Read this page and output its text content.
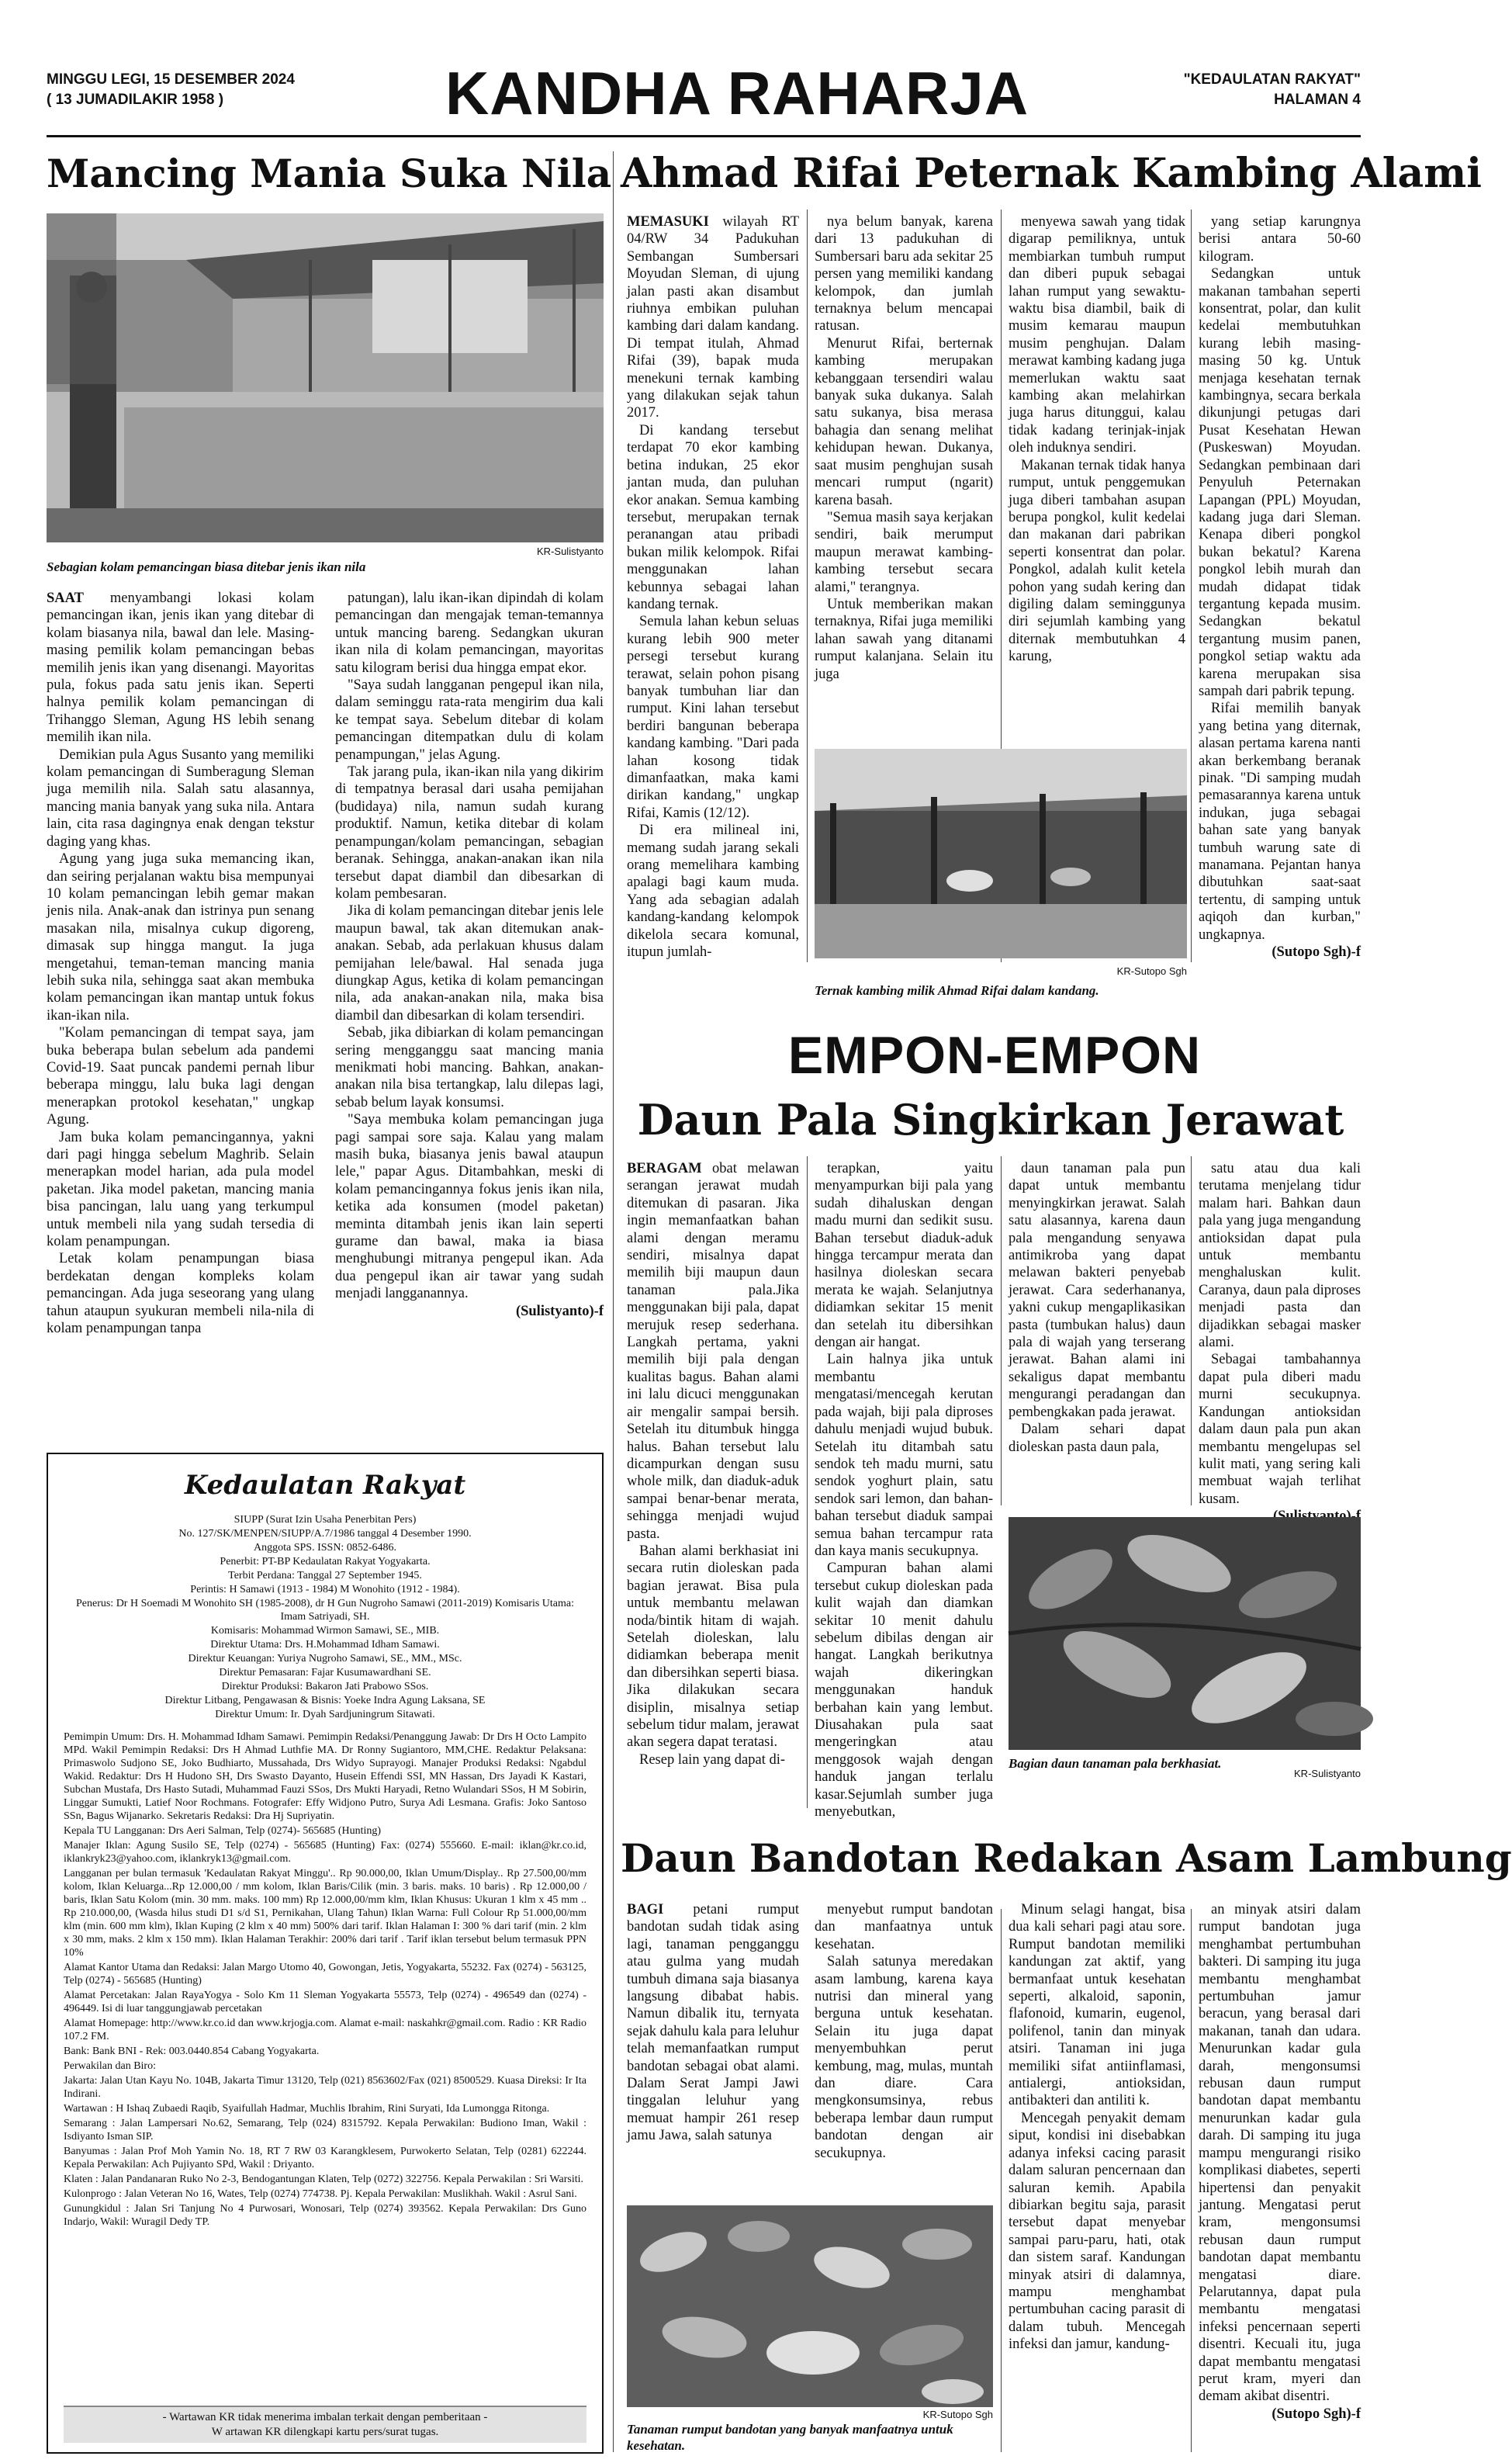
MINGGU LEGI, 15 DESEMBER 2024
( 13 JUMADILAKIR 1958 )	KANDHA RAHARJA	"KEDAULATAN RAKYAT"
HALAMAN 4
Mancing Mania Suka Nila
KR-Sulistyanto
Sebagian kolam pemancingan biasa ditebar jenis ikan nila

SAAT menyambangi lokasi kolam pemancingan ikan, jenis ikan yang ditebar di kolam biasanya nila, bawal dan lele. Masing-masing pemilik kolam pemancingan bebas memilih jenis ikan yang disenangi. Mayoritas pula, fokus pada satu jenis ikan. Seperti halnya pemilik kolam pemancingan di Trihanggo Sleman, Agung HS lebih senang memilih ikan nila.

Demikian pula Agus Susanto yang memiliki kolam pemancingan di Sumberagung Sleman juga memilih nila. Salah satu alasannya, mancing mania banyak yang suka nila. Antara lain, cita rasa dagingnya enak dengan tekstur daging yang khas.

Agung yang juga suka memancing ikan, dan seiring perjalanan waktu bisa mempunyai 10 kolam pemancingan lebih gemar makan jenis nila. Anak-anak dan istrinya pun senang masakan nila, misalnya cukup digoreng, dimasak sup hingga mangut. Ia juga mengetahui, teman-teman mancing mania lebih suka nila, sehingga saat akan membuka kolam pemancingan ikan mantap untuk fokus ikan-ikan nila.

"Kolam pemancingan di tempat saya, jam buka beberapa bulan sebelum ada pandemi Covid-19. Saat puncak pandemi pernah libur beberapa minggu, lalu buka lagi dengan menerapkan protokol kesehatan," ungkap Agung.

Jam buka kolam pemancingannya, yakni dari pagi hingga sebelum Maghrib. Selain menerapkan model harian, ada pula model paketan. Jika model paketan, mancing mania bisa pancingan, lalu uang yang terkumpul untuk membeli nila yang sudah tersedia di kolam penampungan.

Letak kolam penampungan biasa berdekatan dengan kompleks kolam pemancingan. Ada juga seseorang yang ulang tahun ataupun syukuran membeli nila-nila di kolam penampungan tanpa

patungan), lalu ikan-ikan dipindah di kolam pemancingan dan mengajak teman-temannya untuk mancing bareng. Sedangkan ukuran ikan nila di kolam pemancingan, mayoritas satu kilogram berisi dua hingga empat ekor.

"Saya sudah langganan pengepul ikan nila, dalam seminggu rata-rata mengirim dua kali ke tempat saya. Sebelum ditebar di kolam pemancingan ditempatkan dulu di kolam penampungan," jelas Agung.

Tak jarang pula, ikan-ikan nila yang dikirim di tempatnya berasal dari usaha pemijahan (budidaya) nila, namun sudah kurang produktif. Namun, ketika ditebar di kolam penampungan/kolam pemancingan, sebagian beranak. Sehingga, anakan-anakan ikan nila tersebut dapat diambil dan dibesarkan di kolam pembesaran.

Jika di kolam pemancingan ditebar jenis lele maupun bawal, tak akan ditemukan anak-anakan. Sebab, ada perlakuan khusus dalam pemijahan lele/bawal. Hal senada juga diungkap Agus, ketika di kolam pemancingan nila, ada anakan-anakan nila, maka bisa diambil dan dibesarkan di kolam tersendiri.

Sebab, jika dibiarkan di kolam pemancingan sering mengganggu saat mancing mania menikmati hobi mancing. Bahkan, anakan-anakan nila bisa tertangkap, lalu dilepas lagi, sebab belum layak konsumsi.

"Saya membuka kolam pemancingan juga pagi sampai sore saja. Kalau yang malam masih buka, biasanya jenis bawal ataupun lele," papar Agus. Ditambahkan, meski di kolam pemancingannya fokus jenis ikan nila, ketika ada konsumen (model paketan) meminta ditambah jenis ikan lain seperti gurame dan bawal, maka ia biasa menghubungi mitranya pengepul ikan. Ada dua pengepul ikan air tawar yang sudah menjadi langganannya.

(Sulistyanto)-f
Ahmad Rifai Peternak Kambing Alami

MEMASUKI wilayah RT 04/RW 34 Padukuhan Sembangan Sumbersari Moyudan Sleman, di ujung jalan pasti akan disambut riuhnya embikan puluhan kambing dari dalam kandang. Di tempat itulah, Ahmad Rifai (39), bapak muda menekuni ternak kambing yang dilakukan sejak tahun 2017.

Di kandang tersebut terdapat 70 ekor kambing betina indukan, 25 ekor jantan muda, dan puluhan ekor anakan. Semua kambing tersebut, merupakan ternak peranangan atau pribadi bukan milik kelompok. Rifai menggunakan lahan kebunnya sebagai lahan kandang ternak.

Semula lahan kebun seluas kurang lebih 900 meter persegi tersebut kurang terawat, selain pohon pisang banyak tumbuhan liar dan rumput. Kini lahan tersebut berdiri bangunan beberapa kandang kambing. "Dari pada lahan kosong tidak dimanfaatkan, maka kami dirikan kandang," ungkap Rifai, Kamis (12/12).

Di era milineal ini, memang sudah jarang sekali orang memelihara kambing apalagi bagi kaum muda. Yang ada sebagian adalah kandang-kandang kelompok dikelola secara komunal, itupun jumlah-

nya belum banyak, karena dari 13 padukuhan di Sumbersari baru ada sekitar 25 persen yang memiliki kandang kelompok, dan jumlah ternaknya belum mencapai ratusan.

Menurut Rifai, berternak kambing merupakan kebanggaan tersendiri walau banyak suka dukanya. Salah satu sukanya, bisa merasa bahagia dan senang melihat kehidupan hewan. Dukanya, saat musim penghujan susah mencari rumput (ngarit) karena basah.

"Semua masih saya kerjakan sendiri, baik merumput maupun merawat kambing-kambing tersebut secara alami," terangnya.

Untuk memberikan makan ternaknya, Rifai juga memiliki lahan sawah yang ditanami rumput kalanjana. Selain itu juga

KR-Sutopo Sgh
Ternak kambing milik Ahmad Rifai dalam kandang.

menyewa sawah yang tidak digarap pemiliknya, untuk membiarkan tumbuh rumput dan diberi pupuk sebagai lahan rumput yang sewaktu-waktu bisa diambil, baik di musim kemarau maupun musim penghujan. Dalam merawat kambing kadang juga memerlukan waktu saat kambing akan melahirkan juga harus ditunggui, kalau tidak kadang terinjak-injak oleh induknya sendiri.

Makanan ternak tidak hanya rumput, untuk penggemukan juga diberi tambahan asupan berupa pongkol, kulit kedelai dan makanan dari pabrikan seperti konsentrat dan polar. Pongkol, adalah kulit ketela pohon yang sudah kering dan digiling dalam seminggunya diri sejumlah kambing yang diternak membutuhkan 4 karung,

yang setiap karungnya berisi antara 50-60 kilogram.

Sedangkan untuk makanan tambahan seperti konsentrat, polar, dan kulit kedelai membutuhkan kurang lebih masing-masing 50 kg. Untuk menjaga kesehatan ternak kambingnya, secara berkala dikunjungi petugas dari Pusat Kesehatan Hewan (Puskeswan) Moyudan. Sedangkan pembinaan dari Penyuluh Peternakan Lapangan (PPL) Moyudan, kadang juga dari Sleman. Kenapa diberi pongkol bukan bekatul? Karena pongkol lebih murah dan mudah didapat tidak tergantung kepada musim. Sedangkan bekatul tergantung musim panen, pongkol setiap waktu ada karena merupakan sisa sampah dari pabrik tepung.

Rifai memilih banyak yang betina yang diternak, alasan pertama karena nanti akan berkembang beranak pinak. "Di samping mudah pemasarannya karena untuk indukan, juga sebagai bahan sate yang banyak tumbuh warung sate di manamana. Pejantan hanya dibutuhkan saat-saat tertentu, di samping untuk aqiqoh dan kurban," ungkapnya.

(Sutopo Sgh)-f
EMPON-EMPON
Daun Pala Singkirkan Jerawat

BERAGAM obat melawan serangan jerawat mudah ditemukan di pasaran. Jika ingin memanfaatkan bahan alami dengan meramu sendiri, misalnya dapat memilih biji maupun daun tanaman pala.Jika menggunakan biji pala, dapat merujuk resep sederhana. Langkah pertama, yakni memilih biji pala dengan kualitas bagus. Bahan alami ini lalu dicuci menggunakan air mengalir sampai bersih. Setelah itu ditumbuk hingga halus. Bahan tersebut lalu dicampurkan dengan susu whole milk, dan diaduk-aduk sampai benar-benar merata, sehingga menjadi wujud pasta.

Bahan alami berkhasiat ini secara rutin dioleskan pada bagian jerawat. Bisa pula untuk membantu melawan noda/bintik hitam di wajah. Setelah dioleskan, lalu didiamkan beberapa menit dan dibersihkan seperti biasa. Jika dilakukan secara disiplin, misalnya setiap sebelum tidur malam, jerawat akan segera dapat teratasi.

Resep lain yang dapat di-

terapkan, yaitu menyampurkan biji pala yang sudah dihaluskan dengan madu murni dan sedikit susu. Bahan tersebut diaduk-aduk hingga tercampur merata dan hasilnya dioleskan secara merata ke wajah. Selanjutnya didiamkan sekitar 15 menit dan setelah itu dibersihkan dengan air hangat.

Lain halnya jika untuk membantu mengatasi/mencegah kerutan pada wajah, biji pala diproses dahulu menjadi wujud bubuk. Setelah itu ditambah satu sendok teh madu murni, satu sendok yoghurt plain, satu sendok sari lemon, dan bahan-bahan tersebut diaduk sampai semua bahan tercampur rata dan kaya manis secukupnya.

Campuran bahan alami tersebut cukup dioleskan pada kulit wajah dan diamkan sekitar 10 menit dahulu sebelum dibilas dengan air hangat. Langkah berikutnya wajah dikeringkan menggunakan handuk berbahan kain yang lembut. Diusahakan pula saat mengeringkan atau menggosok wajah dengan handuk jangan terlalu kasar.Sejumlah sumber juga menyebutkan,

daun tanaman pala pun dapat untuk membantu menyingkirkan jerawat. Salah satu alasannya, karena daun pala mengandung senyawa antimikroba yang dapat melawan bakteri penyebab jerawat. Cara sederhananya, yakni cukup mengaplikasikan pasta (tumbukan halus) daun pala di wajah yang terserang jerawat. Bahan alami ini sekaligus dapat membantu mengurangi peradangan dan pembengkakan pada jerawat.

Dalam sehari dapat dioleskan pasta daun pala,

satu atau dua kali terutama menjelang tidur malam hari. Bahkan daun pala yang juga mengandung antioksidan dapat pula untuk membantu menghaluskan kulit. Caranya, daun pala diproses menjadi pasta dan dijadikkan sebagai masker alami.

Sebagai tambahannya dapat pula diberi madu murni secukupnya. Kandungan antioksidan dalam daun pala pun akan membantu mengelupas sel kulit mati, yang sering kali membuat wajah terlihat kusam.

KR-Sulistyanto
Bagian daun tanaman pala berkhasiat.
Daun Bandotan Redakan Asam Lambung

BAGI petani rumput bandotan sudah tidak asing lagi, tanaman pengganggu atau gulma yang mudah tumbuh dimana saja biasanya langsung dibabat habis. Namun dibalik itu, ternyata sejak dahulu kala para leluhur telah memanfaatkan rumput bandotan sebagai obat alami. Dalam Serat Jampi Jawi tinggalan leluhur yang memuat hampir 261 resep jamu Jawa, salah satunya

menyebut rumput bandotan dan manfaatnya untuk kesehatan.

Salah satunya meredakan asam lambung, karena kaya nutrisi dan mineral yang berguna untuk kesehatan. Selain itu juga dapat menyembuhkan perut kembung, mag, mulas, muntah dan diare. Cara mengkonsumsinya, rebus beberapa lembar daun rumput bandotan dengan air secukupnya.

KR-Sutopo Sgh
Tanaman rumput bandotan yang banyak manfaatnya untuk kesehatan.

Minum selagi hangat, bisa dua kali sehari pagi atau sore. Rumput bandotan memiliki kandungan zat aktif, yang bermanfaat untuk kesehatan seperti, alkaloid, saponin, flafonoid, kumarin, eugenol, polifenol, tanin dan minyak atsiri. Tanaman ini juga memiliki sifat antiinflamasi, antialergi, antioksidan, antibakteri dan antiliti k.

Mencegah penyakit demam siput, kondisi ini disebabkan adanya infeksi cacing parasit dalam saluran pencernaan dan saluran kemih. Apabila dibiarkan begitu saja, parasit tersebut dapat menyebar sampai paru-paru, hati, otak dan sistem saraf. Kandungan minyak atsiri di dalamnya, mampu menghambat pertumbuhan cacing parasit di dalam tubuh. Mencegah infeksi dan jamur, kandung-

an minyak atsiri dalam rumput bandotan juga menghambat pertumbuhan bakteri. Di samping itu juga membantu menghambat pertumbuhan jamur beracun, yang berasal dari makanan, tanah dan udara. Menurunkan kadar gula darah, mengonsumsi rebusan daun rumput bandotan dapat membantu menurunkan kadar gula darah. Di samping itu juga mampu mengurangi risiko komplikasi diabetes, seperti hipertensi dan penyakit jantung. Mengatasi perut kram, mengonsumsi rebusan daun rumput bandotan dapat membantu mengatasi diare. Pelarutannya, dapat pula membantu mengatasi infeksi pencernaan seperti disentri. Kecuali itu, juga dapat membantu mengatasi perut kram, myeri dan demam akibat disentri.

(Sutopo Sgh)-f
Kedaulatan Rakyat
SIUPP (Surat Izin Usaha Penerbitan Pers)
No. 127/SK/MENPEN/SIUPP/A.7/1986 tanggal 4 Desember 1990.
Anggota SPS. ISSN: 0852-6486.
Penerbit: PT-BP Kedaulatan Rakyat Yogyakarta.
Terbit Perdana: Tanggal 27 September 1945.
Perintis: H Samawi (1913 - 1984) M Wonohito (1912 - 1984).
Penerus: Dr H Soemadi M Wonohito SH (1985-2008), dr H Gun Nugroho Samawi (2011-2019) Komisaris Utama: Imam Satriyadi, SH.
Komisaris: Mohammad Wirmon Samawi, SE., MIB.
Direktur Utama: Drs. H.Mohammad Idham Samawi.
Direktur Keuangan: Yuriya Nugroho Samawi, SE., MM., MSc.
Direktur Pemasaran: Fajar Kusumawardhani SE.
Direktur Produksi: Bakaron Jati Prabowo SSos.
Direktur Litbang, Pengawasan & Bisnis: Yoeke Indra Agung Laksana, SE
Direktur Umum: Ir. Dyah Sardjuningrum Sitawati.
Pemimpin Umum: Drs. H. Mohammad Idham Samawi. Pemimpin Redaksi/Penanggung Jawab: Dr Drs H Octo Lampito MPd. Wakil Pemimpin Redaksi: Drs H Ahmad Luthfie MA. Dr Ronny Sugiantoro, MM,CHE. Redaktur Pelaksana: Primaswolo Sudjono SE, Joko Budhiarto, Mussahada, Drs Widyo Suprayogi. Manajer Produksi Redaksi: Ngabdul Wakid. Redaktur: Drs H Hudono SH, Drs Swasto Dayanto, Husein Effendi SSI, MN Hassan, Drs Jayadi K Kastari, Subchan Mustafa, Drs Hasto Sutadi, Muhammad Fauzi SSos, Drs Mukti Haryadi, Retno Wulandari SSos, H M Sobirin, Linggar Sumukti, Latief Noor Rochmans. Fotografer: Effy Widjono Putro, Surya Adi Lesmana. Grafis: Joko Santoso SSn, Bagus Wijanarko. Sekretaris Redaksi: Dra Hj Supriyatin.
Kepala TU Langganan: Drs Aeri Salman, Telp (0274)- 565685 (Hunting)
Manajer Iklan: Agung Susilo SE, Telp (0274) - 565685 (Hunting) Fax: (0274) 555660. E-mail: iklan@kr.co.id, iklankryk23@yahoo.com, iklankryk13@gmail.com.
Langganan per bulan termasuk 'Kedaulatan Rakyat Minggu'.. Rp 90.000,00, Iklan Umum/Display.. Rp 27.500,00/mm kolom, Iklan Keluarga...Rp 12.000,00 / mm kolom, Iklan Baris/Cilik (min. 3 baris. maks. 10 baris) . Rp 12.000,00 / baris, Iklan Satu Kolom (min. 30 mm. maks. 100 mm) Rp 12.000,00/mm klm, Iklan Khusus: Ukuran 1 klm x 45 mm .. Rp 210.000,00, (Wasda hilus studi D1 s/d S1, Pernikahan, Ulang Tahun) Iklan Warna: Full Colour Rp 51.000,00/mm klm (min. 600 mm klm), Iklan Kuping (2 klm x 40 mm) 500% dari tarif. Iklan Halaman I: 300 % dari tarif (min. 2 klm x 30 mm, maks. 2 klm x 150 mm). Iklan Halaman Terakhir: 200% dari tarif . Tarif iklan tersebut belum termasuk PPN 10%
Alamat Kantor Utama dan Redaksi: Jalan Margo Utomo 40, Gowongan, Jetis, Yogyakarta, 55232. Fax (0274) - 563125, Telp (0274) - 565685 (Hunting)
Alamat Percetakan: Jalan RayaYogya - Solo Km 11 Sleman Yogyakarta 55573, Telp (0274) - 496549 dan (0274) - 496449. Isi di luar tanggungjawab percetakan
Alamat Homepage: http://www.kr.co.id dan www.krjogja.com. Alamat e-mail: naskahkr@gmail.com. Radio : KR Radio 107.2 FM.
Bank: Bank BNI - Rek: 003.0440.854 Cabang Yogyakarta.
Perwakilan dan Biro:
Jakarta: Jalan Utan Kayu No. 104B, Jakarta Timur 13120, Telp (021) 8563602/Fax (021) 8500529. Kuasa Direksi: Ir Ita Indirani.
Wartawan : H Ishaq Zubaedi Raqib, Syaifullah Hadmar, Muchlis Ibrahim, Rini Suryati, Ida Lumongga Ritonga.
Semarang : Jalan Lampersari No.62, Semarang, Telp (024) 8315792. Kepala Perwakilan: Budiono Iman, Wakil : Isdiyanto Isman SIP.
Banyumas : Jalan Prof Moh Yamin No. 18, RT 7 RW 03 Karangklesem, Purwokerto Selatan, Telp (0281) 622244. Kepala Perwakilan: Ach Pujiyanto SPd, Wakil : Driyanto.
Klaten : Jalan Pandanaran Ruko No 2-3, Bendogantungan Klaten, Telp (0272) 322756. Kepala Perwakilan : Sri Warsiti.
Kulonprogo : Jalan Veteran No 16, Wates, Telp (0274) 774738. Pj. Kepala Perwakilan: Muslikhah. Wakil : Asrul Sani.
Gunungkidul : Jalan Sri Tanjung No 4 Purwosari, Wonosari, Telp (0274) 393562. Kepala Perwakilan: Drs Guno Indarjo, Wakil: Wuragil Dedy TP.
- Wartawan KR tidak menerima imbalan terkait dengan pemberitaan -
W artawan KR dilengkapi kartu pers/surat tugas.
